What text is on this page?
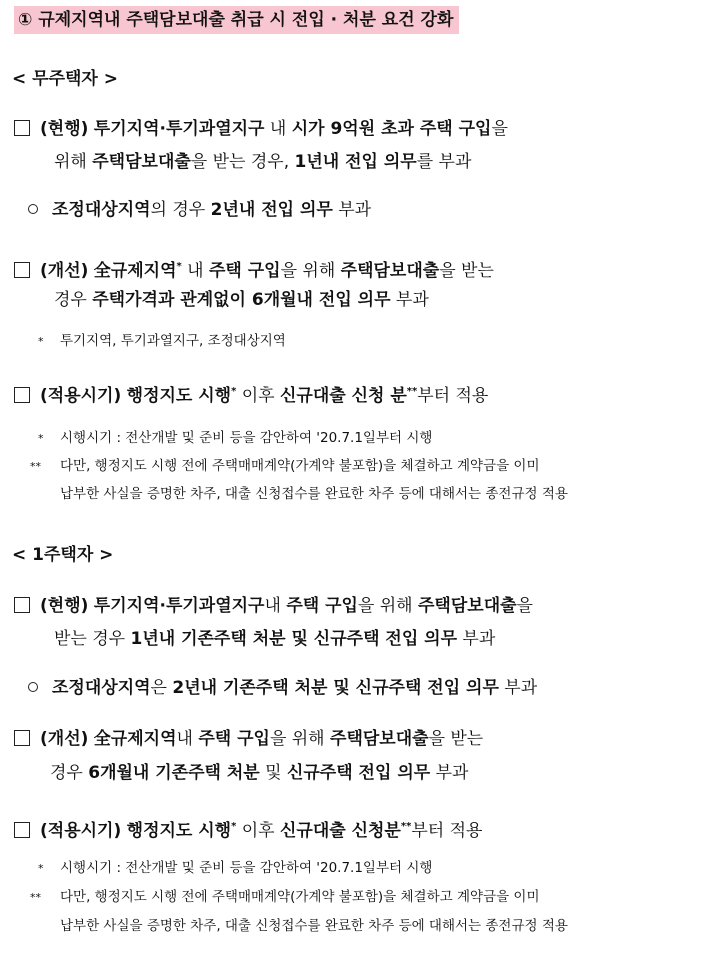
① 규제지역내 주택담보대출 취급 시 전입 · 처분 요건 강화
< 무주택자 >
(현행) 투기지역·투기과열지구 내 시가 9억원 초과 주택 구입을
위해 주택담보대출을 받는 경우, 1년내 전입 의무를 부과
조정대상지역의 경우 2년내 전입 의무 부과
(개선) 全규제지역* 내 주택 구입을 위해 주택담보대출을 받는
경우 주택가격과 관계없이 6개월내 전입 의무 부과
* 투기지역, 투기과열지구, 조정대상지역
(적용시기) 행정지도 시행* 이후 신규대출 신청 분**부터 적용
* 시행시기 : 전산개발 및 준비 등을 감안하여 '20.7.1일부터 시행
** 다만, 행정지도 시행 전에 주택매매계약(가계약 불포함)을 체결하고 계약금을 이미
납부한 사실을 증명한 차주, 대출 신청접수를 완료한 차주 등에 대해서는 종전규정 적용
< 1주택자 >
(현행) 투기지역·투기과열지구내 주택 구입을 위해 주택담보대출을
받는 경우 1년내 기존주택 처분 및 신규주택 전입 의무 부과
조정대상지역은 2년내 기존주택 처분 및 신규주택 전입 의무 부과
(개선) 全규제지역내 주택 구입을 위해 주택담보대출을 받는
경우 6개월내 기존주택 처분 및 신규주택 전입 의무 부과
(적용시기) 행정지도 시행* 이후 신규대출 신청분**부터 적용
* 시행시기 : 전산개발 및 준비 등을 감안하여 '20.7.1일부터 시행
** 다만, 행정지도 시행 전에 주택매매계약(가계약 불포함)을 체결하고 계약금을 이미
납부한 사실을 증명한 차주, 대출 신청접수를 완료한 차주 등에 대해서는 종전규정 적용
